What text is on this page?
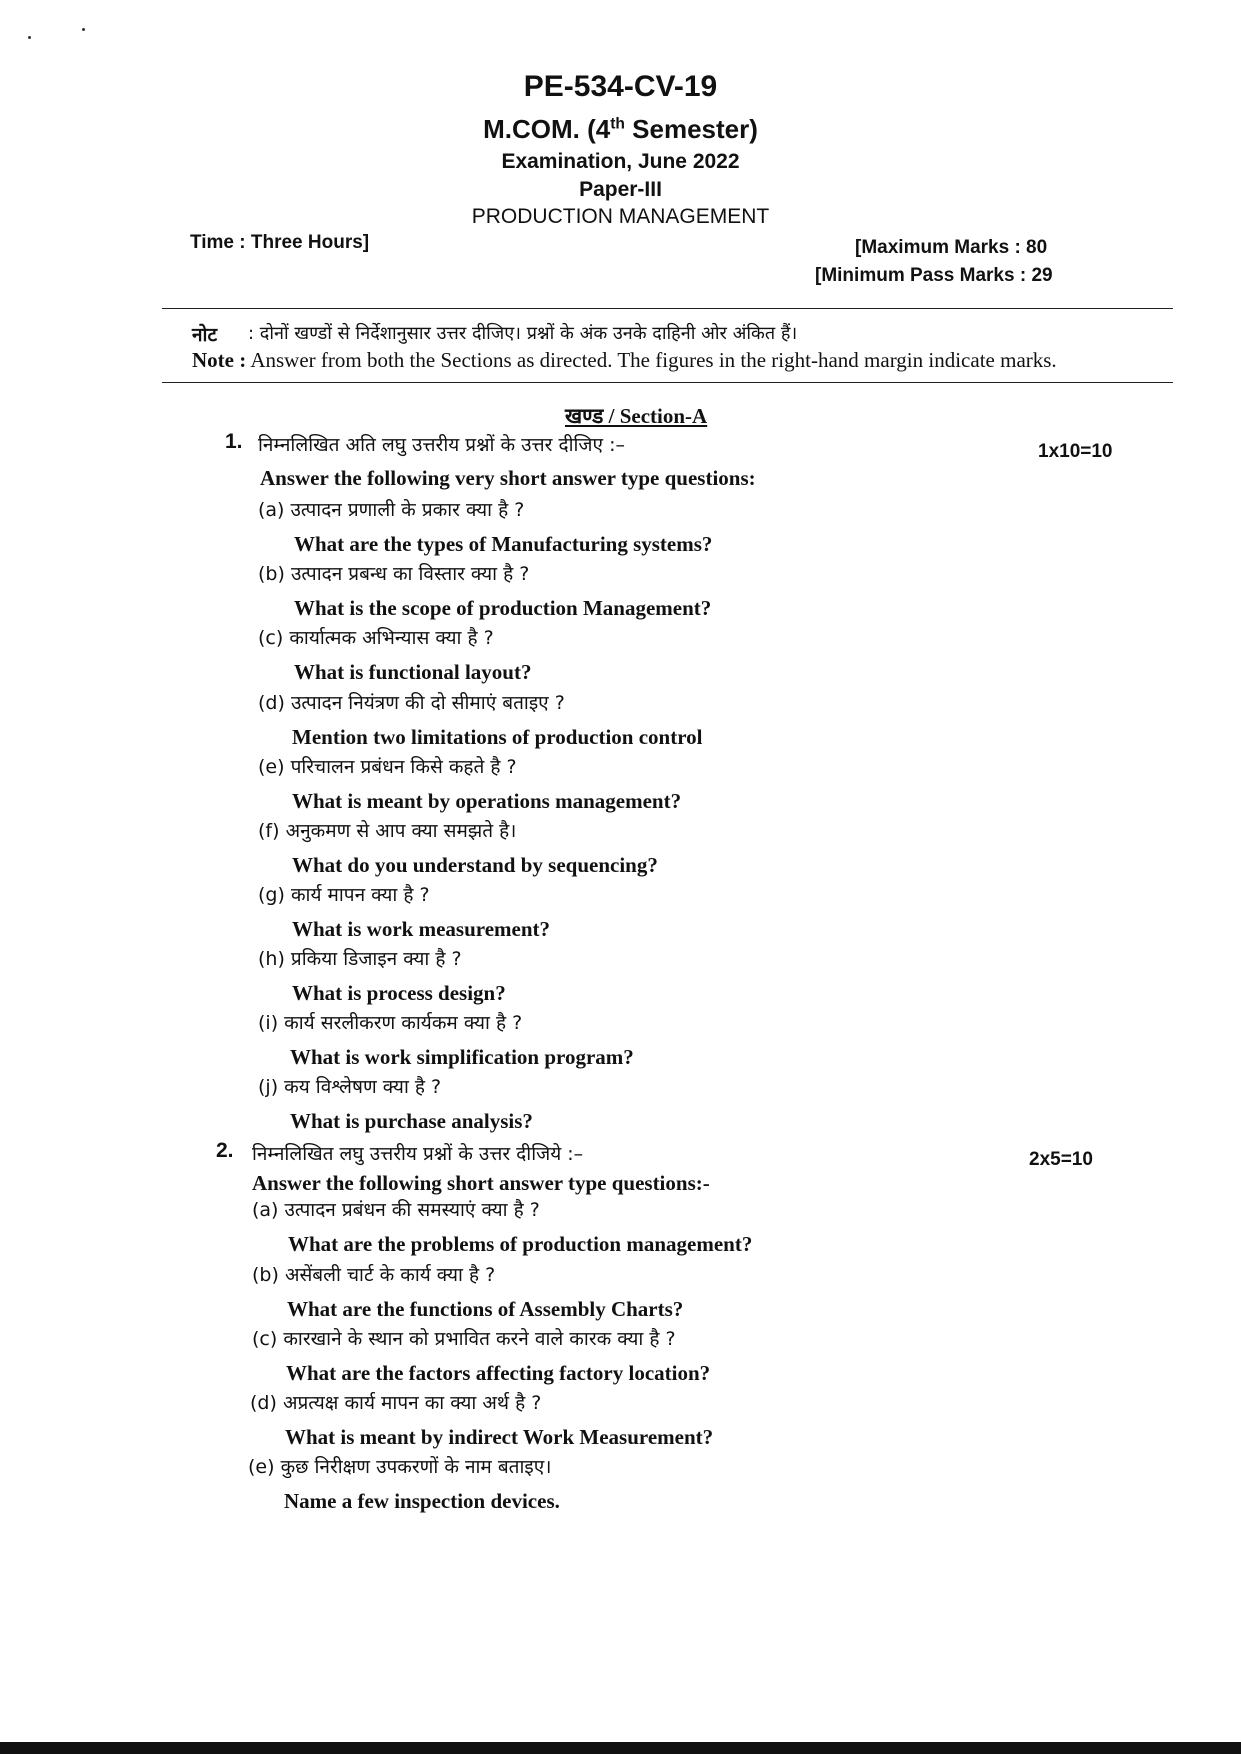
PE-534-CV-19
M.COM. (4th Semester)
Examination, June 2022
Paper-III
PRODUCTION MANAGEMENT
Time : Three Hours]	[Maximum Marks : 80
[Minimum Pass Marks : 29
नोट : दोनों खण्डों से निर्देशानुसार उत्तर दीजिए। प्रश्नों के अंक उनके दाहिनी ओर अंकित हैं।
Note : Answer from both the Sections as directed. The figures in the right-hand margin indicate marks.
खण्ड / Section-A
1. निम्नलिखित अति लघु उत्तरीय प्रश्नों के उत्तर दीजिए :–	1x10=10
Answer the following very short answer type questions:
(a) उत्पादन प्रणाली के प्रकार क्या है ?
What are the types of Manufacturing systems?
(b) उत्पादन प्रबन्ध का विस्तार क्या है ?
What is the scope of production Management?
(c) कार्यात्मक अभिन्यास क्या है ?
What is functional layout?
(d) उत्पादन नियंत्रण की दो सीमाएं बताइए ?
Mention two limitations of production control
(e) परिचालन प्रबंधन किसे कहते है ?
What is meant by operations management?
(f) अनुकमण से आप क्या समझते है।
What do you understand by sequencing?
(g) कार्य मापन क्या है ?
What is work measurement?
(h) प्रकिया डिजाइन क्या है ?
What is process design?
(i) कार्य सरलीकरण कार्यकम क्या है ?
What is work simplification program?
(j) कय विश्लेषण क्या है ?
What is purchase analysis?
2. निम्नलिखित लघु उत्तरीय प्रश्नों के उत्तर दीजिये :–	2x5=10
Answer the following short answer type questions:-
(a) उत्पादन प्रबंधन की समस्याएं क्या है ?
What are the problems of production management?
(b) असेंबली चार्ट के कार्य क्या है ?
What are the functions of Assembly Charts?
(c) कारखाने के स्थान को प्रभावित करने वाले कारक क्या है ?
What are the factors affecting factory location?
(d) अप्रत्यक्ष कार्य मापन का क्या अर्थ है ?
What is meant by indirect Work Measurement?
(e) कुछ निरीक्षण उपकरणों के नाम बताइए।
Name a few inspection devices.
